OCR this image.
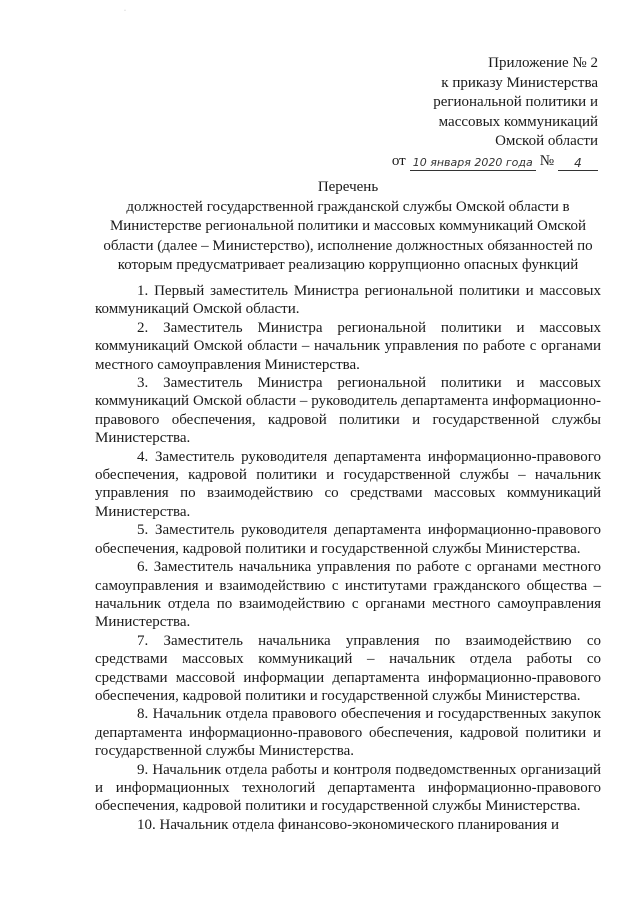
·
Приложение № 2
к приказу Министерства
региональной политики и
массовых коммуникаций
Омской области
от 10 января 2020 года №	4
Перечень
должностей государственной гражданской службы Омской области в Министерстве региональной политики и массовых коммуникаций Омской области (далее – Министерство), исполнение должностных обязанностей по которым предусматривает реализацию коррупционно опасных функций

1. Первый заместитель Министра региональной политики и массовых коммуникаций Омской области.

2. Заместитель Министра региональной политики и массовых коммуникаций Омской области – начальник управления по работе с органами местного самоуправления Министерства.

3. Заместитель Министра региональной политики и массовых коммуникаций Омской области – руководитель департамента информационно-правового обеспечения, кадровой политики и государственной службы Министерства.

4. Заместитель руководителя департамента информационно-правового обеспечения, кадровой политики и государственной службы – начальник управления по взаимодействию со средствами массовых коммуникаций Министерства.

5. Заместитель руководителя департамента информационно-правового обеспечения, кадровой политики и государственной службы Министерства.

6. Заместитель начальника управления по работе с органами местного самоуправления и взаимодействию с институтами гражданского общества – начальник отдела по взаимодействию с органами местного самоуправления Министерства.

7. Заместитель начальника управления по взаимодействию со средствами массовых коммуникаций – начальник отдела работы со средствами массовой информации департамента информационно-правового обеспечения, кадровой политики и государственной службы Министерства.

8. Начальник отдела правового обеспечения и государственных закупок департамента информационно-правового обеспечения, кадровой политики и государственной службы Министерства.

9. Начальник отдела работы и контроля подведомственных организаций и информационных технологий департамента информационно-правового обеспечения, кадровой политики и государственной службы Министерства.

10. Начальник отдела финансово-экономического планирования и
